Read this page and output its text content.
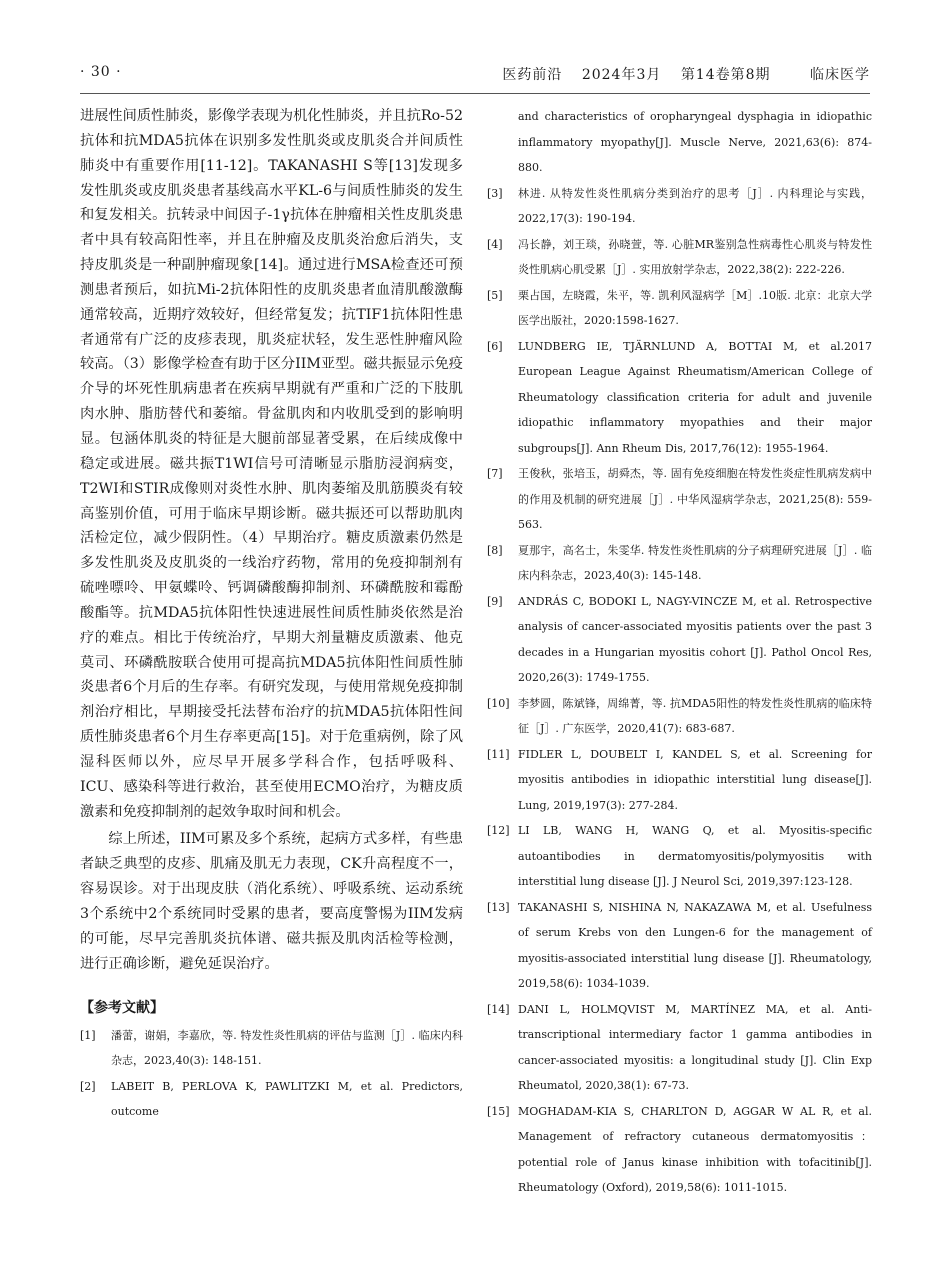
· 30 ·	医药前沿 2024年3月 第14卷第8期	临床医学

进展性间质性肺炎，影像学表现为机化性肺炎，并且抗Ro-52抗体和抗MDA5抗体在识别多发性肌炎或皮肌炎合并间质性肺炎中有重要作用[11-12]。TAKANASHI S等[13]发现多发性肌炎或皮肌炎患者基线高水平KL-6与间质性肺炎的发生和复发相关。抗转录中间因子-1γ抗体在肿瘤相关性皮肌炎患者中具有较高阳性率，并且在肿瘤及皮肌炎治愈后消失，支持皮肌炎是一种副肿瘤现象[14]。通过进行MSA检查还可预测患者预后，如抗Mi-2抗体阳性的皮肌炎患者血清肌酸激酶通常较高，近期疗效较好，但经常复发；抗TIF1抗体阳性患者通常有广泛的皮疹表现，肌炎症状轻，发生恶性肿瘤风险较高。（3）影像学检查有助于区分IIM亚型。磁共振显示免疫介导的坏死性肌病患者在疾病早期就有严重和广泛的下肢肌肉水肿、脂肪替代和萎缩。骨盆肌肉和内收肌受到的影响明显。包涵体肌炎的特征是大腿前部显著受累，在后续成像中稳定或进展。磁共振T1WI信号可清晰显示脂肪浸润病变，T2WI和STIR成像则对炎性水肿、肌肉萎缩及肌筋膜炎有较高鉴别价值，可用于临床早期诊断。磁共振还可以帮助肌肉活检定位，减少假阴性。（4）早期治疗。糖皮质激素仍然是多发性肌炎及皮肌炎的一线治疗药物，常用的免疫抑制剂有硫唑嘌呤、甲氨蝶呤、钙调磷酸酶抑制剂、环磷酰胺和霉酚酸酯等。抗MDA5抗体阳性快速进展性间质性肺炎依然是治疗的难点。相比于传统治疗，早期大剂量糖皮质激素、他克莫司、环磷酰胺联合使用可提高抗MDA5抗体阳性间质性肺炎患者6个月后的生存率。有研究发现，与使用常规免疫抑制剂治疗相比，早期接受托法替布治疗的抗MDA5抗体阳性间质性肺炎患者6个月生存率更高[15]。对于危重病例，除了风湿科医师以外，应尽早开展多学科合作，包括呼吸科、ICU、感染科等进行救治，甚至使用ECMO治疗，为糖皮质激素和免疫抑制剂的起效争取时间和机会。

综上所述，IIM可累及多个系统，起病方式多样，有些患者缺乏典型的皮疹、肌痛及肌无力表现，CK升高程度不一，容易误诊。对于出现皮肤（消化系统）、呼吸系统、运动系统3个系统中2个系统同时受累的患者，要高度警惕为IIM发病的可能，尽早完善肌炎抗体谱、磁共振及肌肉活检等检测，进行正确诊断，避免延误治疗。

【参考文献】
[1]	潘蕾，谢娟，李嘉欣，等. 特发性炎性肌病的评估与监测［J］. 临床内科杂志，2023,40(3): 148-151.
[2]	LABEIT B, PERLOVA K, PAWLITZKI M, et al. Predictors, outcome
and characteristics of oropharyngeal dysphagia in idiopathic inflammatory myopathy[J]. Muscle Nerve, 2021,63(6): 874-880.
[3]	林进. 从特发性炎性肌病分类到治疗的思考［J］. 内科理论与实践，2022,17(3): 190-194.
[4]	冯长静，刘王琰，孙晓萱，等. 心脏MR鉴别急性病毒性心肌炎与特发性炎性肌病心肌受累［J］. 实用放射学杂志，2022,38(2): 222-226.
[5]	栗占国，左晓霞，朱平，等. 凯利风湿病学［M］.10版. 北京：北京大学医学出版社，2020:1598-1627.
[6]	LUNDBERG IE, TJÄRNLUND A, BOTTAI M, et al.2017 European League Against Rheumatism/American College of Rheumatology classification criteria for adult and juvenile idiopathic inflammatory myopathies and their major subgroups[J]. Ann Rheum Dis, 2017,76(12): 1955-1964.
[7]	王俊秋，张培玉，胡舜杰，等. 固有免疫细胞在特发性炎症性肌病发病中的作用及机制的研究进展［J］. 中华风湿病学杂志，2021,25(8): 559-563.
[8]	夏那宇，高名士，朱雯华. 特发性炎性肌病的分子病理研究进展［J］. 临床内科杂志，2023,40(3): 145-148.
[9]	ANDRÁS C, BODOKI L, NAGY-VINCZE M, et al. Retrospective analysis of cancer-associated myositis patients over the past 3 decades in a Hungarian myositis cohort [J]. Pathol Oncol Res, 2020,26(3): 1749-1755.
[10] 李梦圆，陈斌锋，周绵菁，等. 抗MDA5阳性的特发性炎性肌病的临床特征［J］. 广东医学，2020,41(7): 683-687.
[11] FIDLER L, DOUBELT I, KANDEL S, et al. Screening for myositis antibodies in idiopathic interstitial lung disease[J]. Lung, 2019,197(3): 277-284.
[12] LI LB, WANG H, WANG Q, et al. Myositis-specific autoantibodies in dermatomyositis/polymyositis with interstitial lung disease [J]. J Neurol Sci, 2019,397:123-128.
[13] TAKANASHI S, NISHINA N, NAKAZAWA M, et al. Usefulness of serum Krebs von den Lungen-6 for the management of myositis-associated interstitial lung disease [J]. Rheumatology, 2019,58(6): 1034-1039.
[14] DANI L, HOLMQVIST M, MARTÍNEZ MA, et al. Anti-transcriptional intermediary factor 1 gamma antibodies in cancer-associated myositis: a longitudinal study [J]. Clin Exp Rheumatol, 2020,38(1): 67-73.
[15] MOGHADAM-KIA S, CHARLTON D, AGGAR W AL R, et al. Management of refractory cutaneous dermatomyositis：potential role of Janus kinase inhibition with tofacitinib[J]. Rheumatology (Oxford), 2019,58(6): 1011-1015.
